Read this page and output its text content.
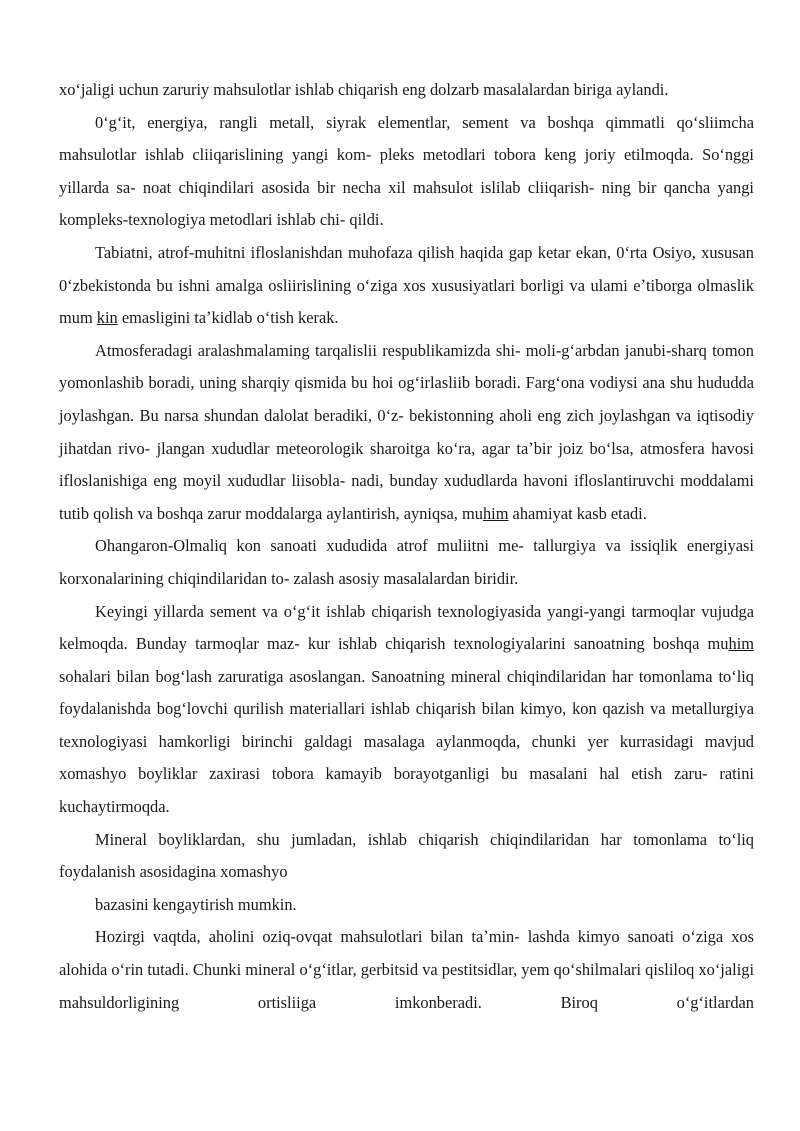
xoʻjaligi uchun zaruriy mahsulotlar ishlab chiqarish eng dolzarb masalalardan biriga aylandi.

0ʻgʻit, energiya, rangli metall, siyrak elementlar, sement va boshqa qimmatli qoʻsliimcha mahsulotlar ishlab cliiqarislining yangi kom- pleks metodlari tobora keng joriy etilmoqda. Soʻnggi yillarda sa- noat chiqindilari asosida bir necha xil mahsulot islilab cliiqarish- ning bir qancha yangi kompleks-texnologiya metodlari ishlab chi- qildi.

Tabiatni, atrof-muhitni ifloslanishdan muhofaza qilish haqida gap ketar ekan, 0ʻrta Osiyo, xususan 0ʻzbekistonda bu ishni amalga osliirislining oʻziga xos xususiyatlari borligi va ulami eʼtiborga olmaslik mum kin emasligini taʼkidlab oʻtish kerak.

Atmosferadagi aralashmalaming tarqalislii respublikamizda shi- moli-gʻarbdan janubi-sharq tomon yomonlashib boradi, uning sharqiy qismida bu hoi ogʻirlasliib boradi. Fargʻona vodiysi ana shu hududda joylashgan. Bu narsa shundan dalolat beradiki, 0ʻz- bekistonning aholi eng zich joylashgan va iqtisodiy jihatdan rivo- jlangan xududlar meteorologik sharoitga koʻra, agar taʼbir joiz boʻlsa, atmosfera havosi ifloslanishiga eng moyil xududlar liisobla- nadi, bunday xududlarda havoni ifloslantiruvchi moddalami tutib qolish va boshqa zarur moddalarga aylantirish, ayniqsa, muhim ahamiyat kasb etadi.

Ohangaron-Olmaliq kon sanoati xududida atrof muliitni me- tallurgiya va issiqlik energiyasi korxonalarining chiqindilaridan to- zalash asosiy masalalardan biridir.

Keyingi yillarda sement va oʻgʻit ishlab chiqarish texnologiyasida yangi-yangi tarmoqlar vujudga kelmoqda. Bunday tarmoqlar maz- kur ishlab chiqarish texnologiyalarini sanoatning boshqa muhim sohalari bilan bogʻlash zaruratiga asoslangan. Sanoatning mineral chiqindilaridan har tomonlama toʻliq foydalanishda bogʻlovchi qurilish materiallari ishlab chiqarish bilan kimyo, kon qazish va metallurgiya texnologiyasi hamkorligi birinchi galdagi masalaga aylanmoqda, chunki yer kurrasidagi mavjud xomashyo boyliklar zaxirasi tobora kamayib borayotganligi bu masalani hal etish zaru- ratini kuchaytirmoqda.

Mineral boyliklardan, shu jumladan, ishlab chiqarish chiqindilaridan har tomonlama toʻliq foydalanish asosidagina xomashyo

bazasini kengaytirish mumkin.

Hozirgi vaqtda, aholini oziq-ovqat mahsulotlari bilan taʼmin- lashda kimyo sanoati oʻziga xos alohida oʻrin tutadi. Chunki mineral oʻgʻitlar, gerbitsid va pestitsidlar, yem qoʻshilmalari qisliloq xoʻjaligi mahsuldorligining ortisliiga imkonberadi. Biroq oʻgʻitlardan
